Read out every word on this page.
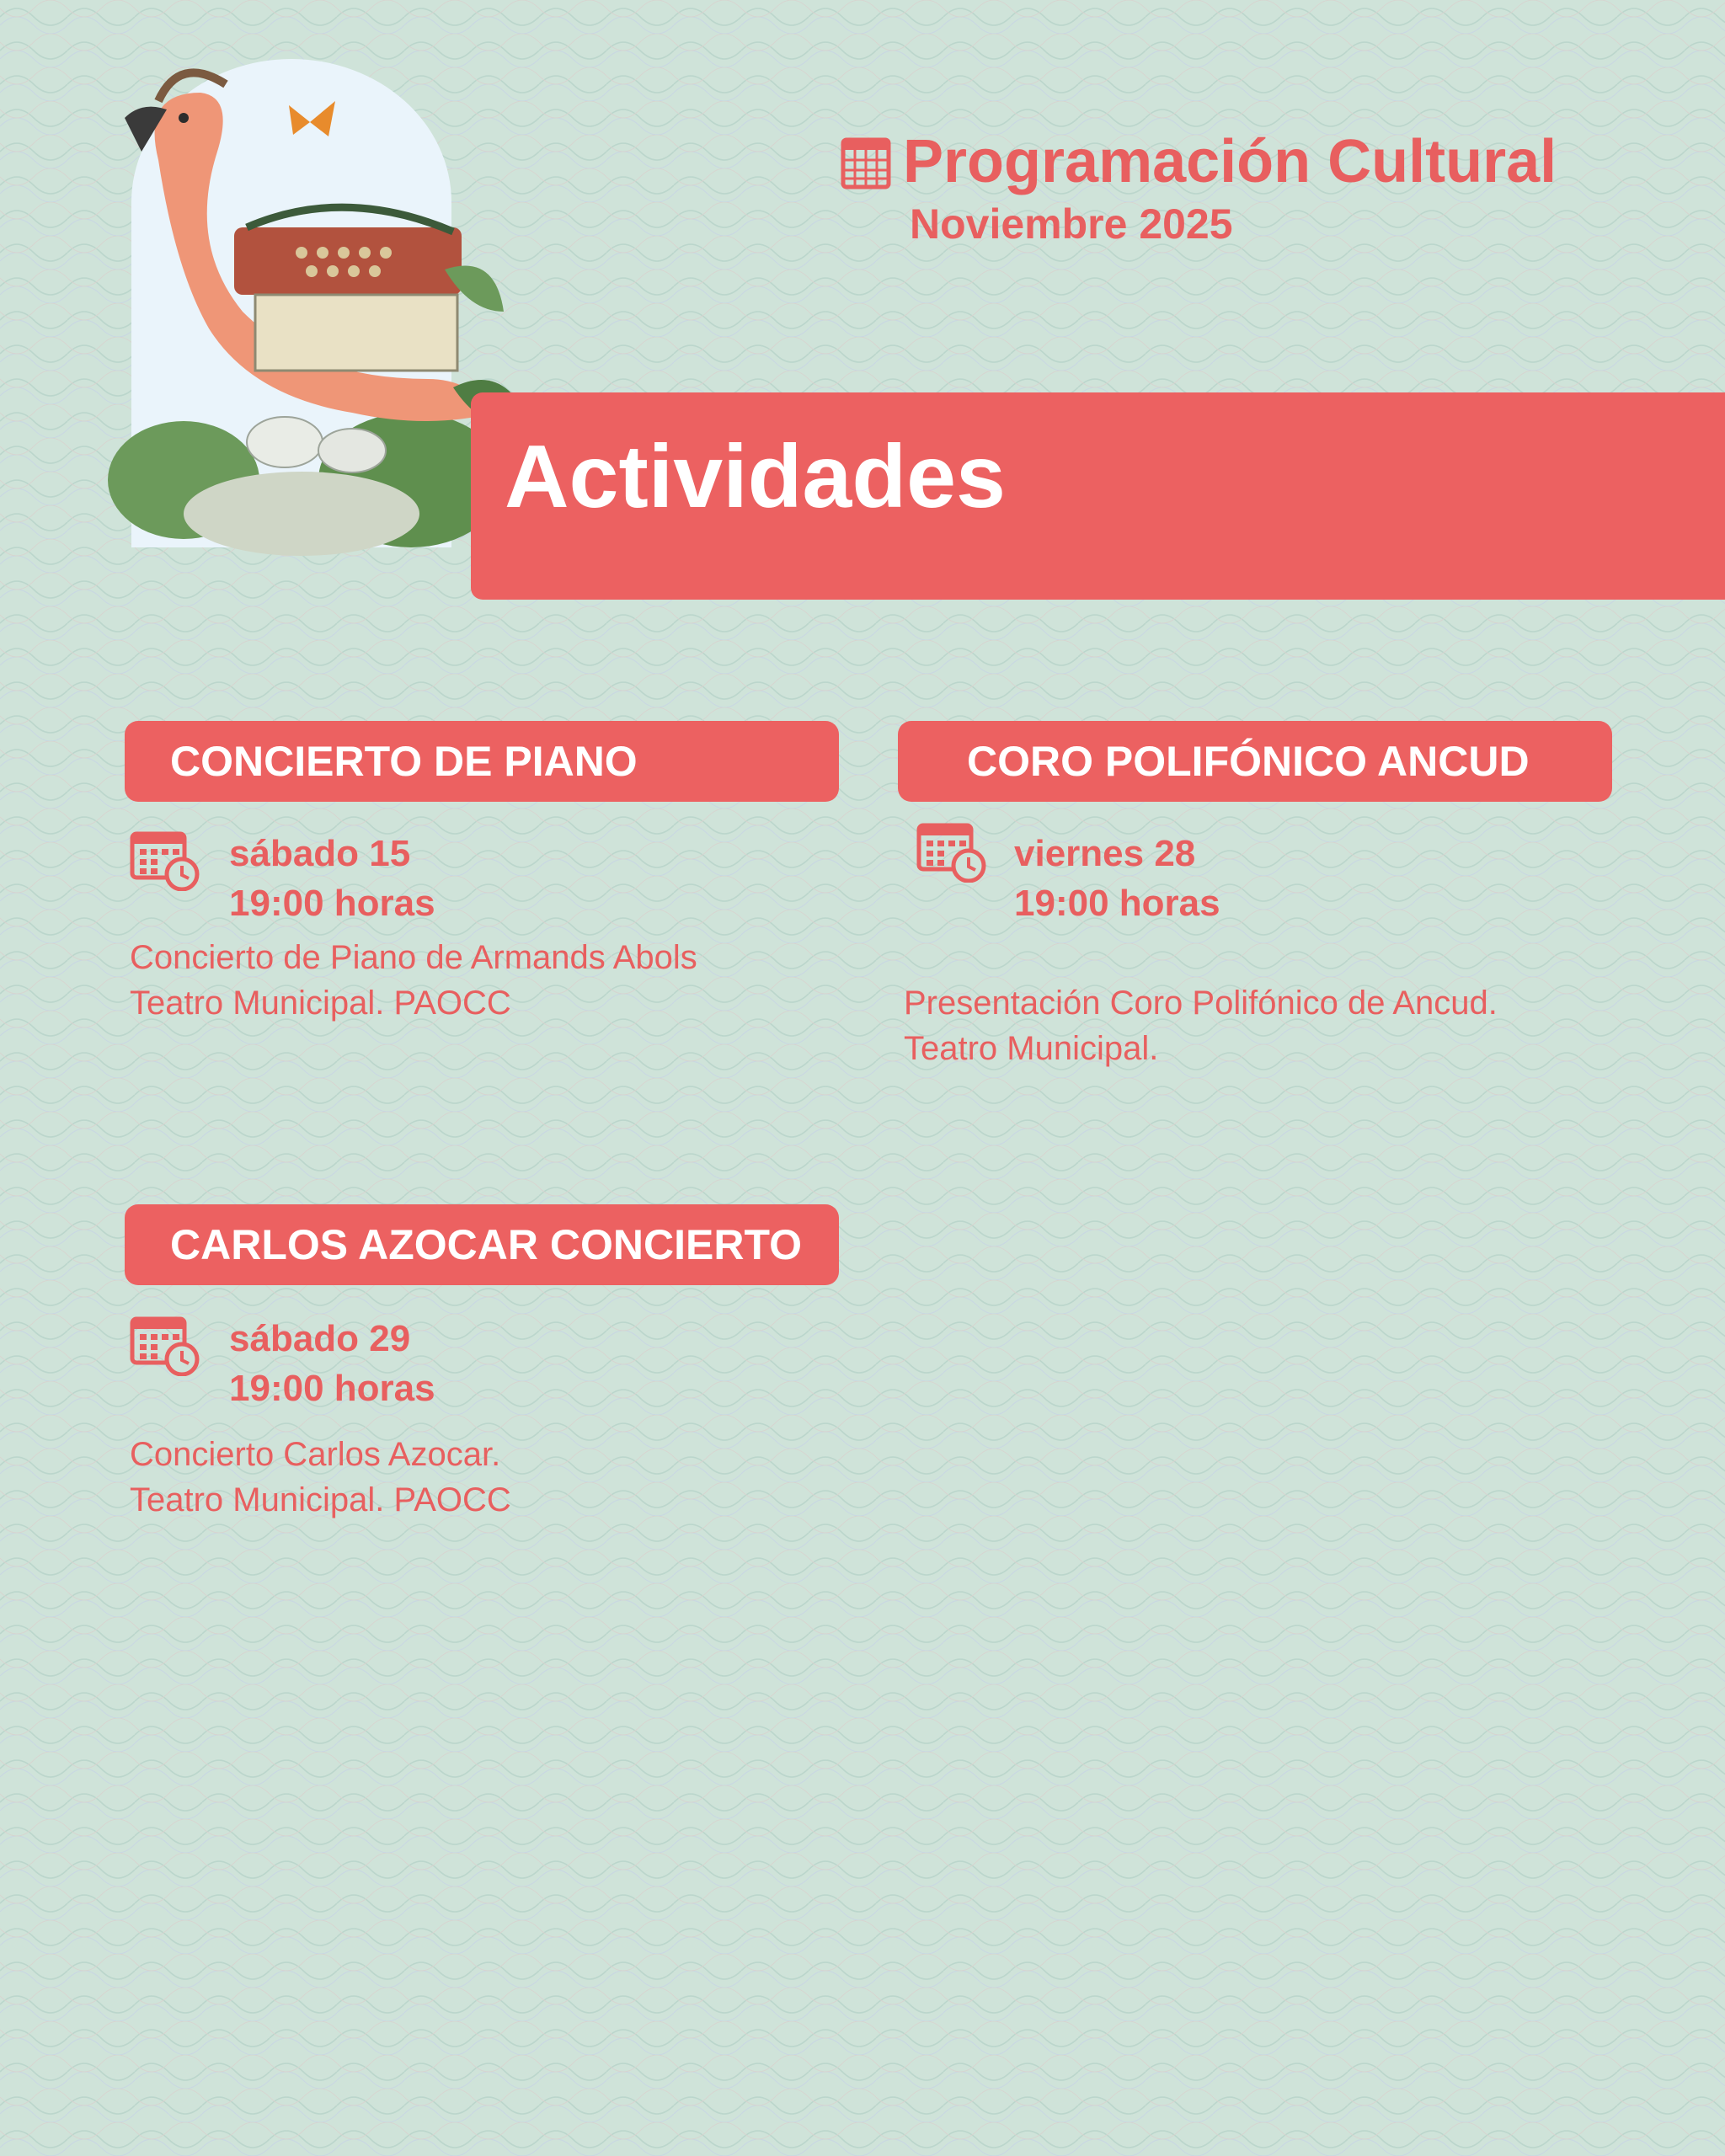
Programación Cultural
Noviembre 2025
Actividades
CONCIERTO DE PIANO
sábado 15
19:00 horas
Concierto de Piano de Armands Abols
Teatro Municipal. PAOCC
CORO POLIFÓNICO ANCUD
viernes 28
19:00 horas
Presentación Coro Polifónico de Ancud.
Teatro Municipal.
CARLOS AZOCAR CONCIERTO
sábado 29
19:00 horas
Concierto Carlos Azocar.
Teatro Municipal. PAOCC
